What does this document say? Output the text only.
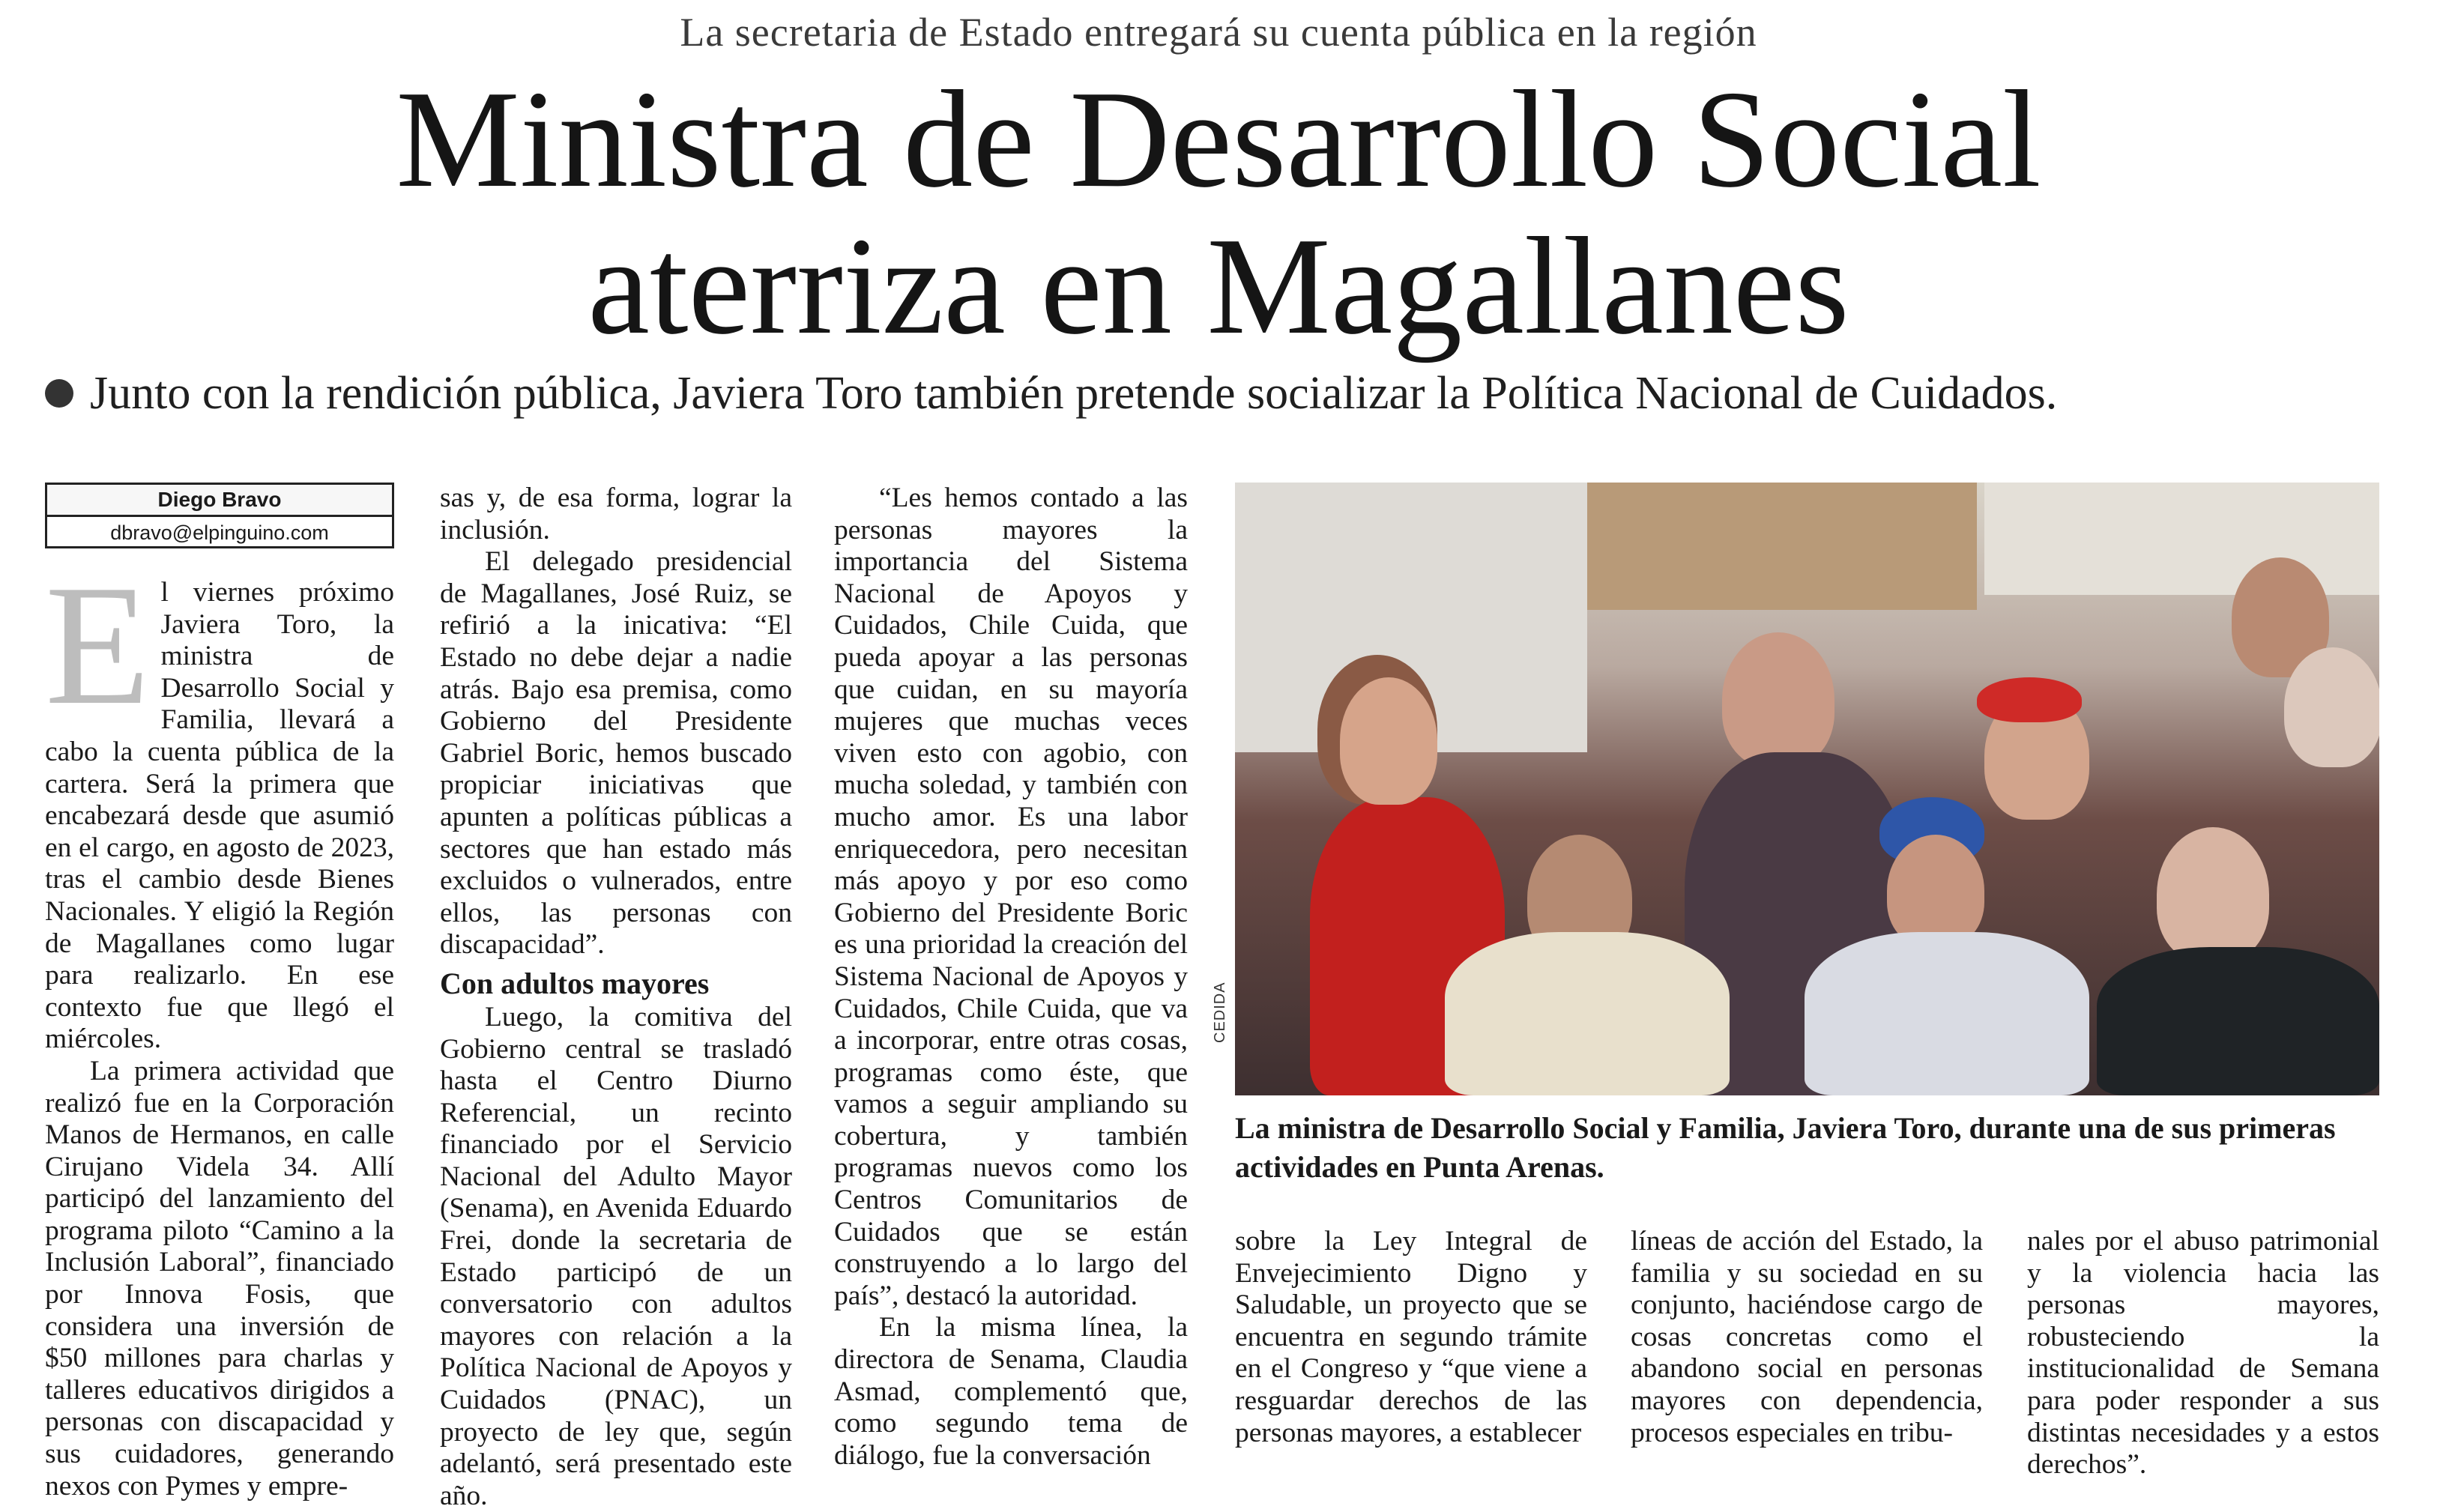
La secretaria de Estado entregará su cuenta pública en la región
Ministra de Desarrollo Social
aterriza en Magallanes
Junto con la rendición pública, Javiera Toro también pretende socializar la Política Nacional de Cuidados.
Diego Bravo
dbravo@elpinguino.com

El viernes próximo Javiera Toro, la ministra de Desarrollo Social y Familia, llevará a cabo la cuenta pública de la cartera. Será la primera que encabezará desde que asumió en el cargo, en agosto de 2023, tras el cambio desde Bienes Nacionales. Y eligió la Región de Magallanes como lugar para realizarlo. En ese contexto fue que llegó el miércoles.

La primera actividad que realizó fue en la Corporación Manos de Hermanos, en calle Cirujano Videla 34. Allí participó del lanzamiento del programa piloto “Camino a la Inclusión Laboral”, financiado por Innova Fosis, que considera una inversión de $50 millones para charlas y talleres educativos dirigidos a personas con discapacidad y sus cuidadores, generando nexos con Pymes y empre-

sas y, de esa forma, lograr la inclusión.

El delegado presidencial de Magallanes, José Ruiz, se refirió a la inicativa: “El Estado no debe dejar a nadie atrás. Bajo esa premisa, como Gobierno del Presidente Gabriel Boric, hemos buscado propiciar iniciativas que apunten a políticas públicas a sectores que han estado más excluidos o vulnerados, entre ellos, las personas con discapacidad”.

Con adultos mayores

Luego, la comitiva del Gobierno central se trasladó hasta el Centro Diurno Referencial, un recinto financiado por el Servicio Nacional del Adulto Mayor (Senama), en Avenida Eduardo Frei, donde la secretaria de Estado participó de un conversatorio con adultos mayores con relación a la Política Nacional de Apoyos y Cuidados (PNAC), un proyecto de ley que, según adelantó, será presentado este año.

“Les hemos contado a las personas mayores la importancia del Sistema Nacional de Apoyos y Cuidados, Chile Cuida, que pueda apoyar a las personas que cuidan, en su mayoría mujeres que muchas veces viven esto con agobio, con mucha soledad, y también con mucho amor. Es una labor enriquecedora, pero necesitan más apoyo y por eso como Gobierno del Presidente Boric es una prioridad la creación del Sistema Nacional de Apoyos y Cuidados, Chile Cuida, que va a incorporar, entre otras cosas, programas como éste, que vamos a seguir ampliando su cobertura, y también programas nuevos como los Centros Comunitarios de Cuidados que se están construyendo a lo largo del país”, destacó la autoridad.

En la misma línea, la directora de Senama, Claudia Asmad, complementó que, como segundo tema de diálogo, fue la conversación

CEDIDA
La ministra de Desarrollo Social y Familia, Javiera Toro, durante una de sus primeras actividades en Punta Arenas.

sobre la Ley Integral de Envejecimiento Digno y Saludable, un proyecto que se encuentra en segundo trámite en el Congreso y “que viene a resguardar derechos de las personas mayores, a establecer

líneas de acción del Estado, la familia y su sociedad en su conjunto, haciéndose cargo de cosas concretas como el abandono social en personas mayores con dependencia, procesos especiales en tribu-

nales por el abuso patrimonial y la violencia hacia las personas mayores, robusteciendo la institucionalidad de Semana para poder responder a sus distintas necesidades y a estos derechos”.
